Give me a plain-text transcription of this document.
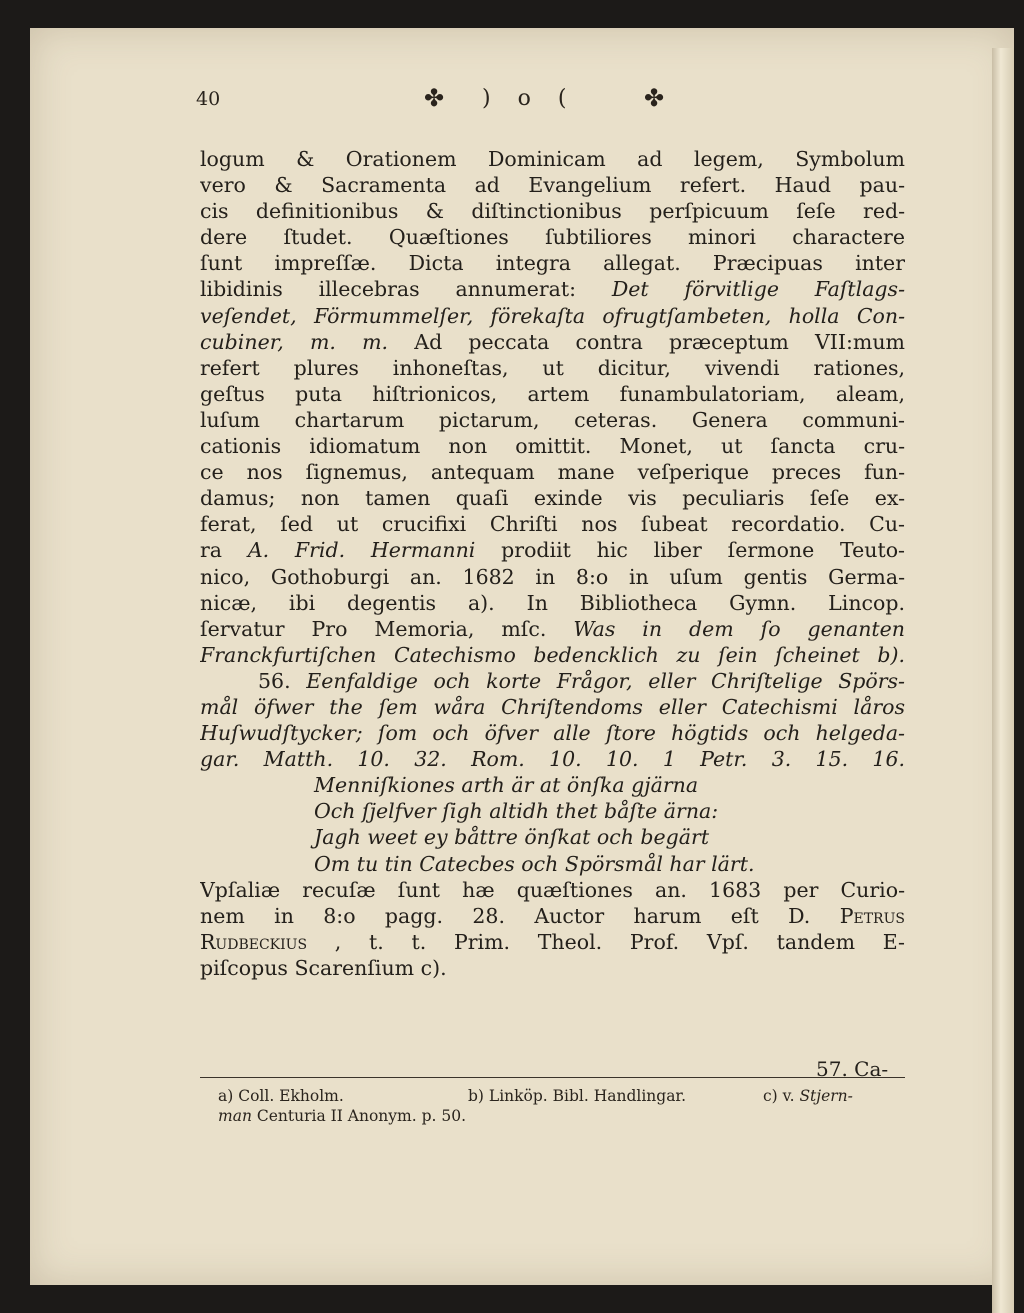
40	✤ ) o (	✤
logum & Orationem Dominicam ad legem, Symbolum
vero & Sacramenta ad Evangelium refert. Haud pau-
cis definitionibus & diſtinctionibus perſpicuum ſeſe red-
dere ſtudet. Quæſtiones ſubtiliores minori charactere
ſunt impreſſæ. Dicta integra allegat. Præcipuas inter
libidinis illecebras annumerat: Det förvitlige Faſtlags-
veſendet, Förmummelſer, förekaſta ofrugtſambeten, holla Con-
cubiner, m. m. Ad peccata contra præceptum VII:mum
refert plures inhoneſtas, ut dicitur, vivendi rationes,
geſtus puta hiſtrionicos, artem funambulatoriam, aleam,
luſum chartarum pictarum, ceteras. Genera communi-
cationis idiomatum non omittit. Monet, ut ſancta cru-
ce nos ſignemus, antequam mane veſperique preces fun-
damus; non tamen quaſi exinde vis peculiaris ſeſe ex-
ferat, ſed ut crucifixi Chriſti nos ſubeat recordatio. Cu-
ra A. Frid. Hermanni prodiit hic liber ſermone Teuto-
nico, Gothoburgi an. 1682 in 8:o in uſum gentis Germa-
nicæ, ibi degentis a). In Bibliotheca Gymn. Lincop.
ſervatur Pro Memoria, mſc. Was in dem ſo genanten
Franckfurtiſchen Catechismo bedencklich zu ſein ſcheinet b).
56. Eenfaldige och korte Frågor, eller Chriſtelige Spörs-
mål öfwer the ſem wåra Chriſtendoms eller Catechismi låros
Huſwudſtycker; ſom och öfver alle ſtore högtids och helgeda-
gar. Matth. 10. 32. Rom. 10. 10. 1 Petr. 3. 15. 16.
Menniſkiones arth är at önſka gjärna
Och ſjelfver ſigh altidh thet båſte ärna:
Jagh weet ey båttre önſkat och begärt
Om tu tin Catecbes och Spörsmål har lärt.
Vpſaliæ recuſæ ſunt hæ quæſtiones an. 1683 per Curio-
nem in 8:o pagg. 28. Auctor harum eſt D. Petrus
Rudbeckius , t. t. Prim. Theol. Prof. Vpſ. tandem E-
piſcopus Scarenſium c).
57. Ca-
a) Coll. Ekholm.	b) Linköp. Bibl. Handlingar.	c) v. Stjern-
man Centuria II Anonym. p. 50.
